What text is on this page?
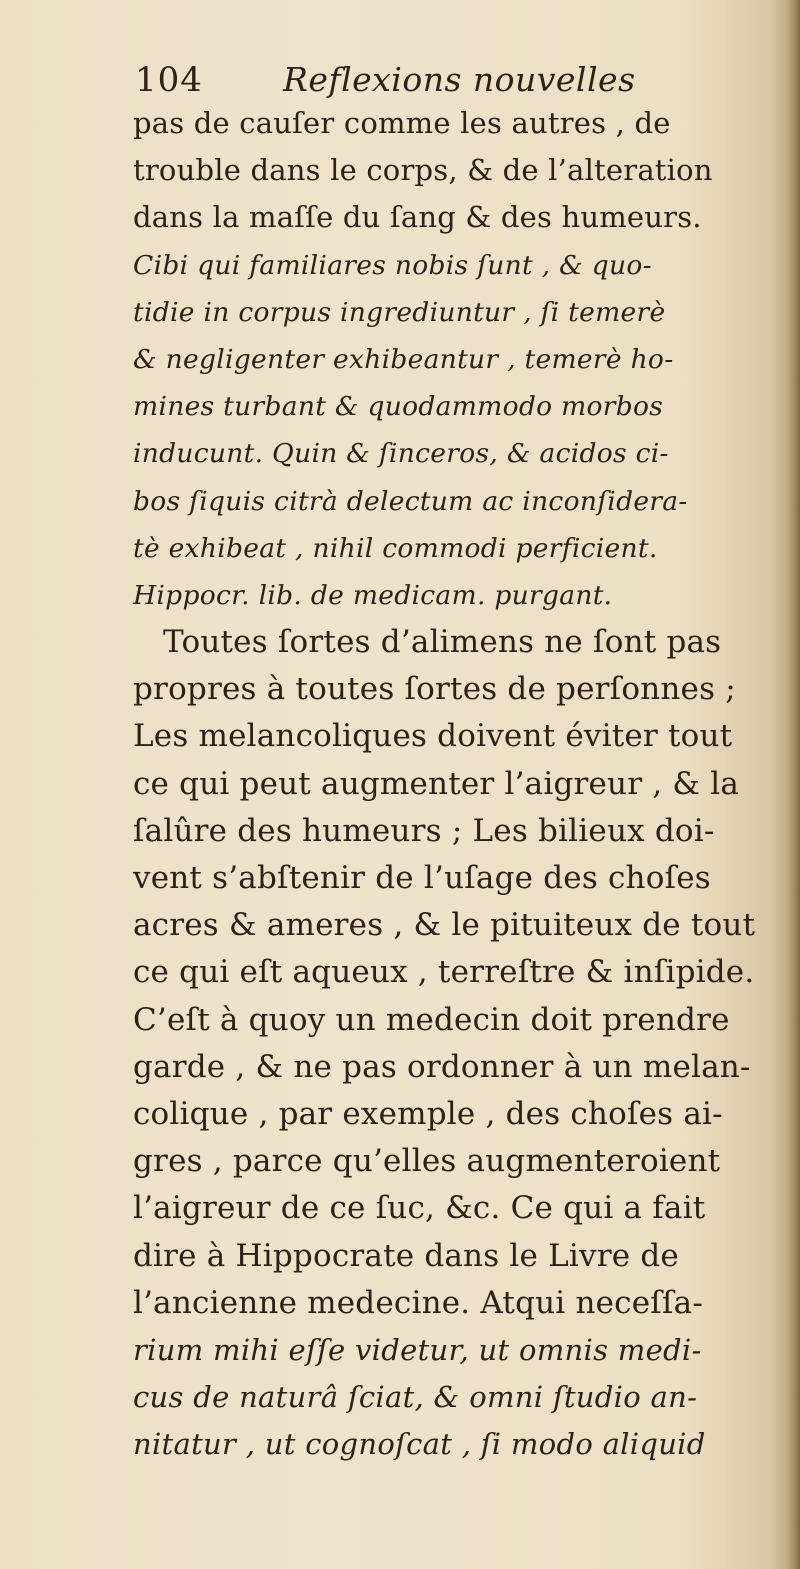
104 Reflexions nouvelles
pas de cauſer comme les autres , de
trouble dans le corps, & de l’alteration
dans la maſſe du ſang & des humeurs.
Cibi qui familiares nobis ſunt , & quo-
tidie in corpus ingrediuntur , ſi temerè
& negligenter exhibeantur , temerè ho-
mines turbant & quodammodo morbos
inducunt. Quin & ſinceros, & acidos ci-
bos ſiquis citrà delectum ac inconſidera-
tè exhibeat , nihil commodi perficient.
Hippocr. lib. de medicam. purgant.
Toutes ſortes d’alimens ne ſont pas
propres à toutes ſortes de perſonnes ;
Les melancoliques doivent éviter tout
ce qui peut augmenter l’aigreur , & la
ſalûre des humeurs ; Les bilieux doi-
vent s’abſtenir de l’uſage des choſes
acres & ameres , & le pituiteux de tout
ce qui eſt aqueux , terreſtre & inſipide.
C’eſt à quoy un medecin doit prendre
garde , & ne pas ordonner à un melan-
colique , par exemple , des choſes ai-
gres , parce qu’elles augmenteroient
l’aigreur de ce ſuc, &c. Ce qui a fait
dire à Hippocrate dans le Livre de
l’ancienne medecine. Atqui neceſſa-
rium mihi eſſe videtur, ut omnis medi-
cus de naturâ ſciat, & omni ſtudio an-
nitatur , ut cognoſcat , ſi modo aliquid
